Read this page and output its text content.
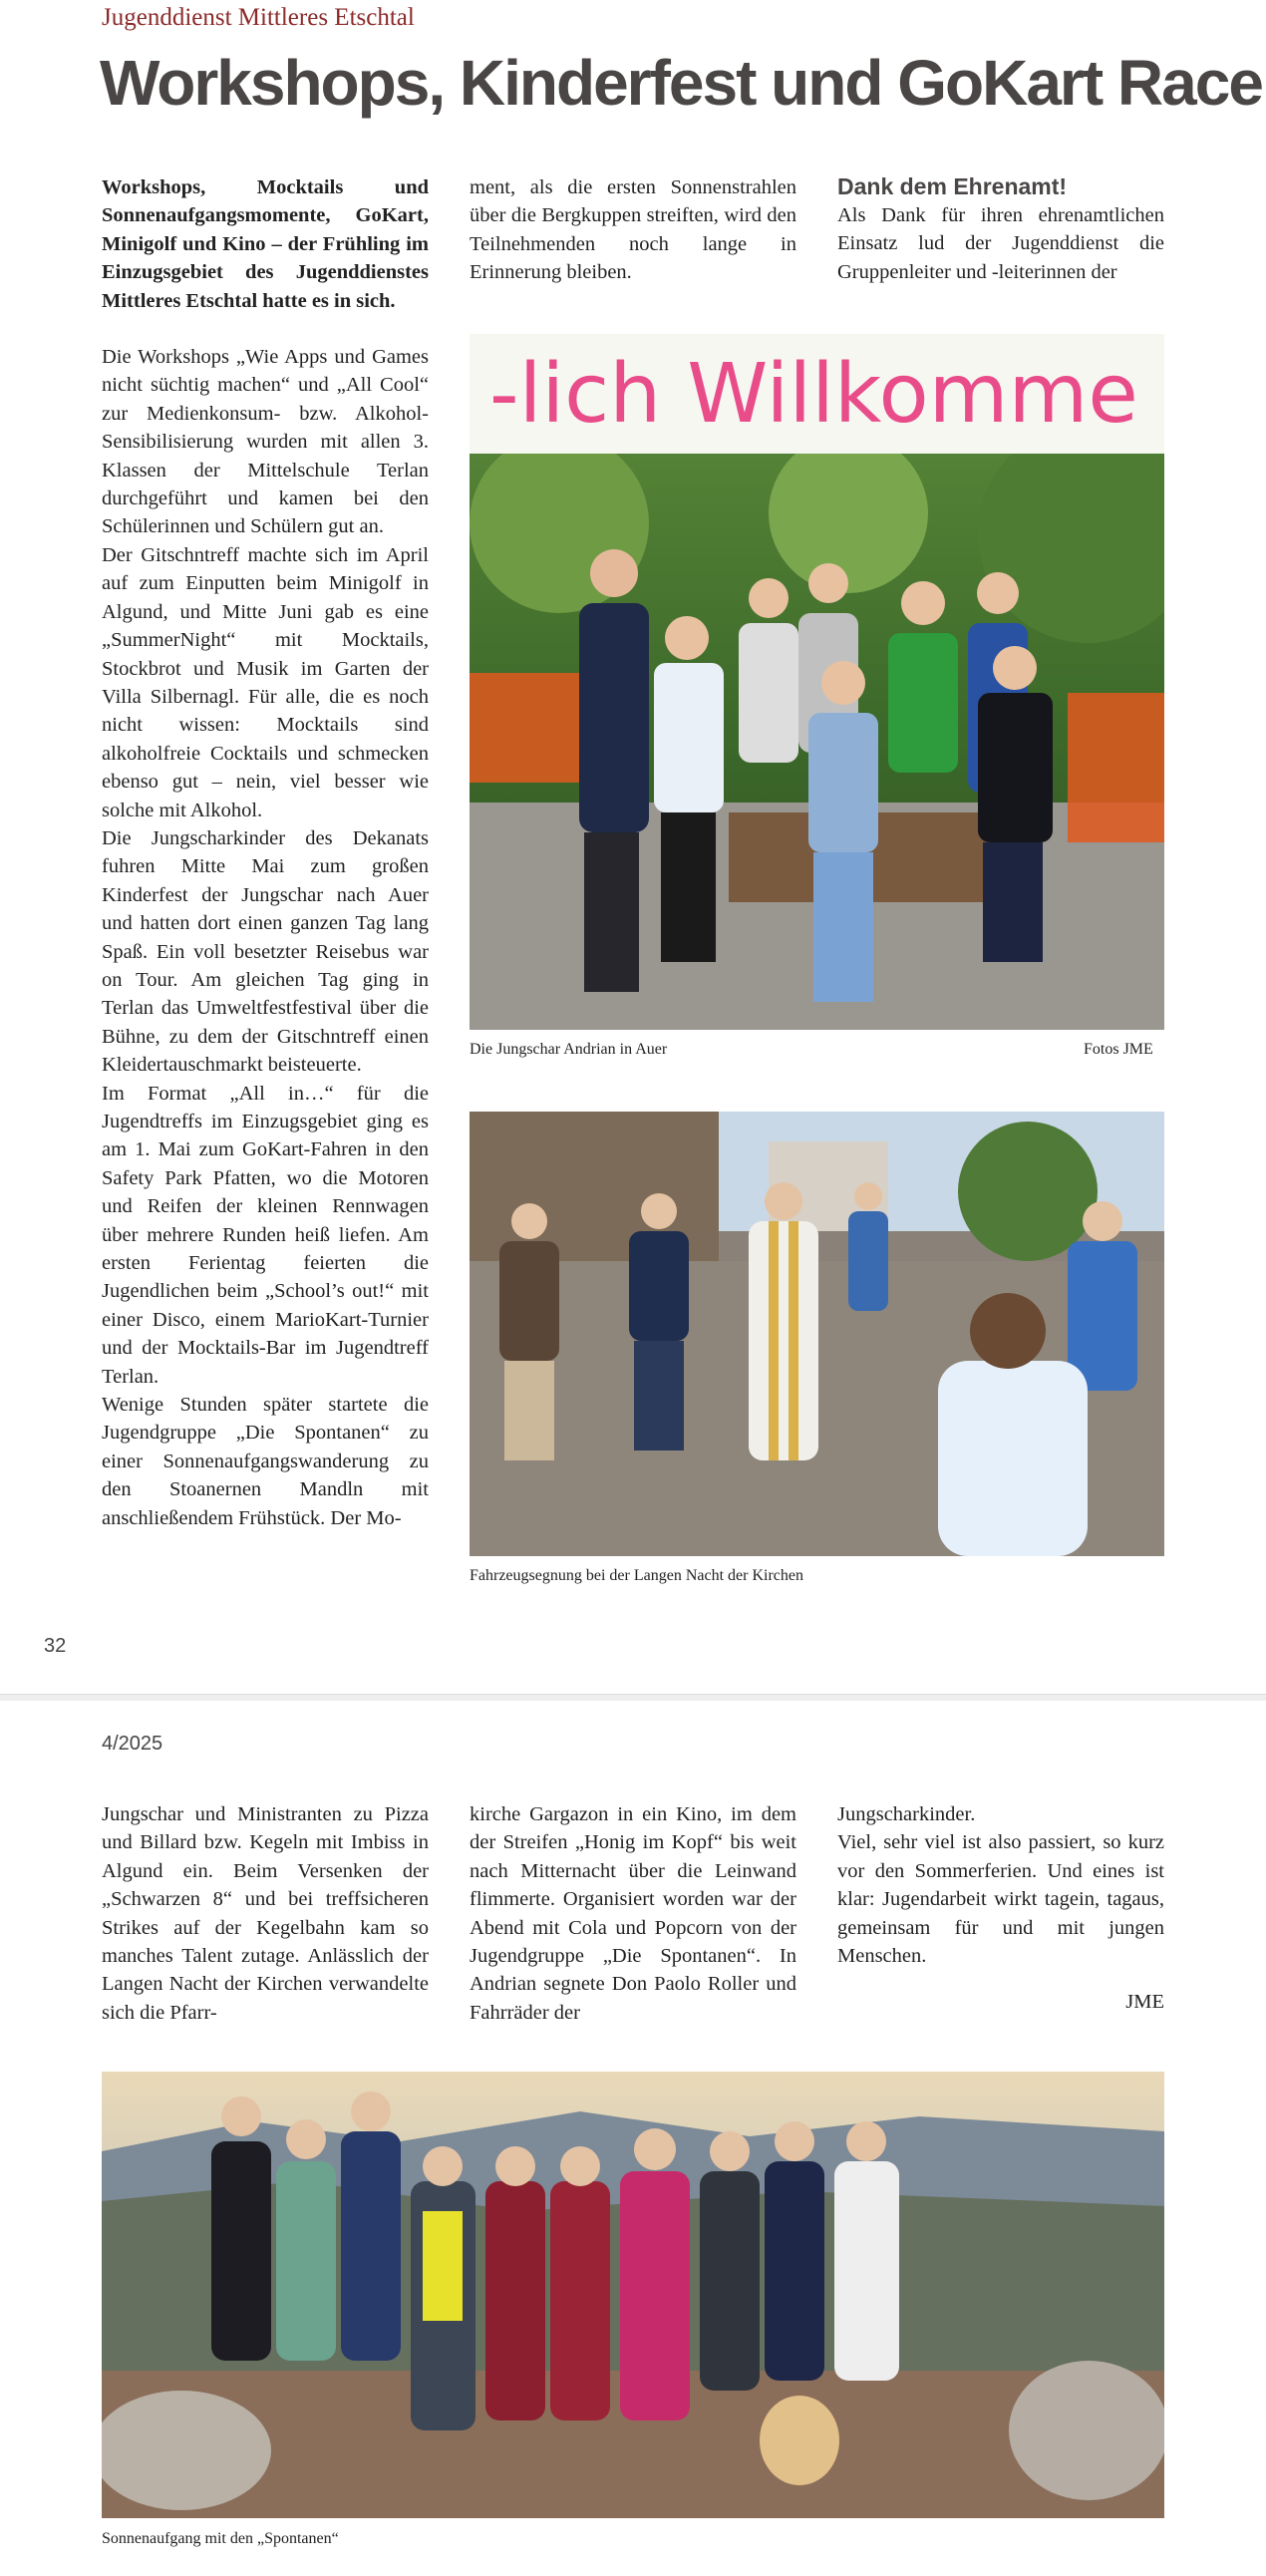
Jugenddienst Mittleres Etschtal
Workshops, Kinderfest und GoKart Race

Workshops, Mocktails und Sonnenaufgangsmomente, GoKart, Minigolf und Kino – der Frühling im Einzugsgebiet des Jugenddienstes Mittleres Etschtal hatte es in sich.

Die Workshops „Wie Apps und Games nicht süchtig machen“ und „All Cool“ zur Medienkonsum- bzw. Alkohol-Sensibilisierung wurden mit allen 3. Klassen der Mittelschule Terlan durchgeführt und kamen bei den Schülerinnen und Schülern gut an.

Der Gitschntreff machte sich im April auf zum Einputten beim Minigolf in Algund, und Mitte Juni gab es eine „SummerNight“ mit Mocktails, Stockbrot und Musik im Garten der Villa Silbernagl. Für alle, die es noch nicht wissen: Mocktails sind alkoholfreie Cocktails und schmecken ebenso gut – nein, viel besser wie solche mit Alkohol.

Die Jungscharkinder des Dekanats fuhren Mitte Mai zum großen Kinderfest der Jungschar nach Auer und hatten dort einen ganzen Tag lang Spaß. Ein voll besetzter Reisebus war on Tour. Am gleichen Tag ging in Terlan das Umweltfestfestival über die Bühne, zu dem der Gitschntreff einen Kleidertauschmarkt beisteuerte.

Im Format „All in…“ für die Jugendtreffs im Einzugsgebiet ging es am 1. Mai zum GoKart-Fahren in den Safety Park Pfatten, wo die Motoren und Reifen der kleinen Rennwagen über mehrere Runden heiß liefen. Am ersten Ferientag feierten die Jugendlichen beim „School’s out!“ mit einer Disco, einem MarioKart-Turnier und der Mocktails-Bar im Jugendtreff Terlan.

Wenige Stunden später startete die Jugendgruppe „Die Spontanen“ zu einer Sonnenaufgangswanderung zu den Stoanernen Mandln mit anschließendem Frühstück. Der Mo-

ment, als die ersten Sonnenstrahlen über die Bergkuppen streiften, wird den Teilnehmenden noch lange in Erinnerung bleiben.

Dank dem Ehrenamt!

Als Dank für ihren ehrenamtlichen Einsatz lud der Jugenddienst die Gruppenleiter und -leiterinnen der

-lich Willkomme
Die Jungschar Andrian in Auer	Fotos JME
Fahrzeugsegnung bei der Langen Nacht der Kirchen
32
4/2025

Jungschar und Ministranten zu Pizza und Billard bzw. Kegeln mit Imbiss in Algund ein. Beim Versenken der „Schwarzen 8“ und bei treffsicheren Strikes auf der Kegelbahn kam so manches Talent zutage. Anlässlich der Langen Nacht der Kirchen verwandelte sich die Pfarr-

kirche Gargazon in ein Kino, im dem der Streifen „Honig im Kopf“ bis weit nach Mitternacht über die Leinwand flimmerte. Organisiert worden war der Abend mit Cola und Popcorn von der Jugendgruppe „Die Spontanen“. In Andrian segnete Don Paolo Roller und Fahrräder der

Jungscharkinder.

Viel, sehr viel ist also passiert, so kurz vor den Sommerferien. Und eines ist klar: Jugendarbeit wirkt tagein, tagaus, gemeinsam für und mit jungen Menschen.

JME

Sonnenaufgang mit den „Spontanen“
